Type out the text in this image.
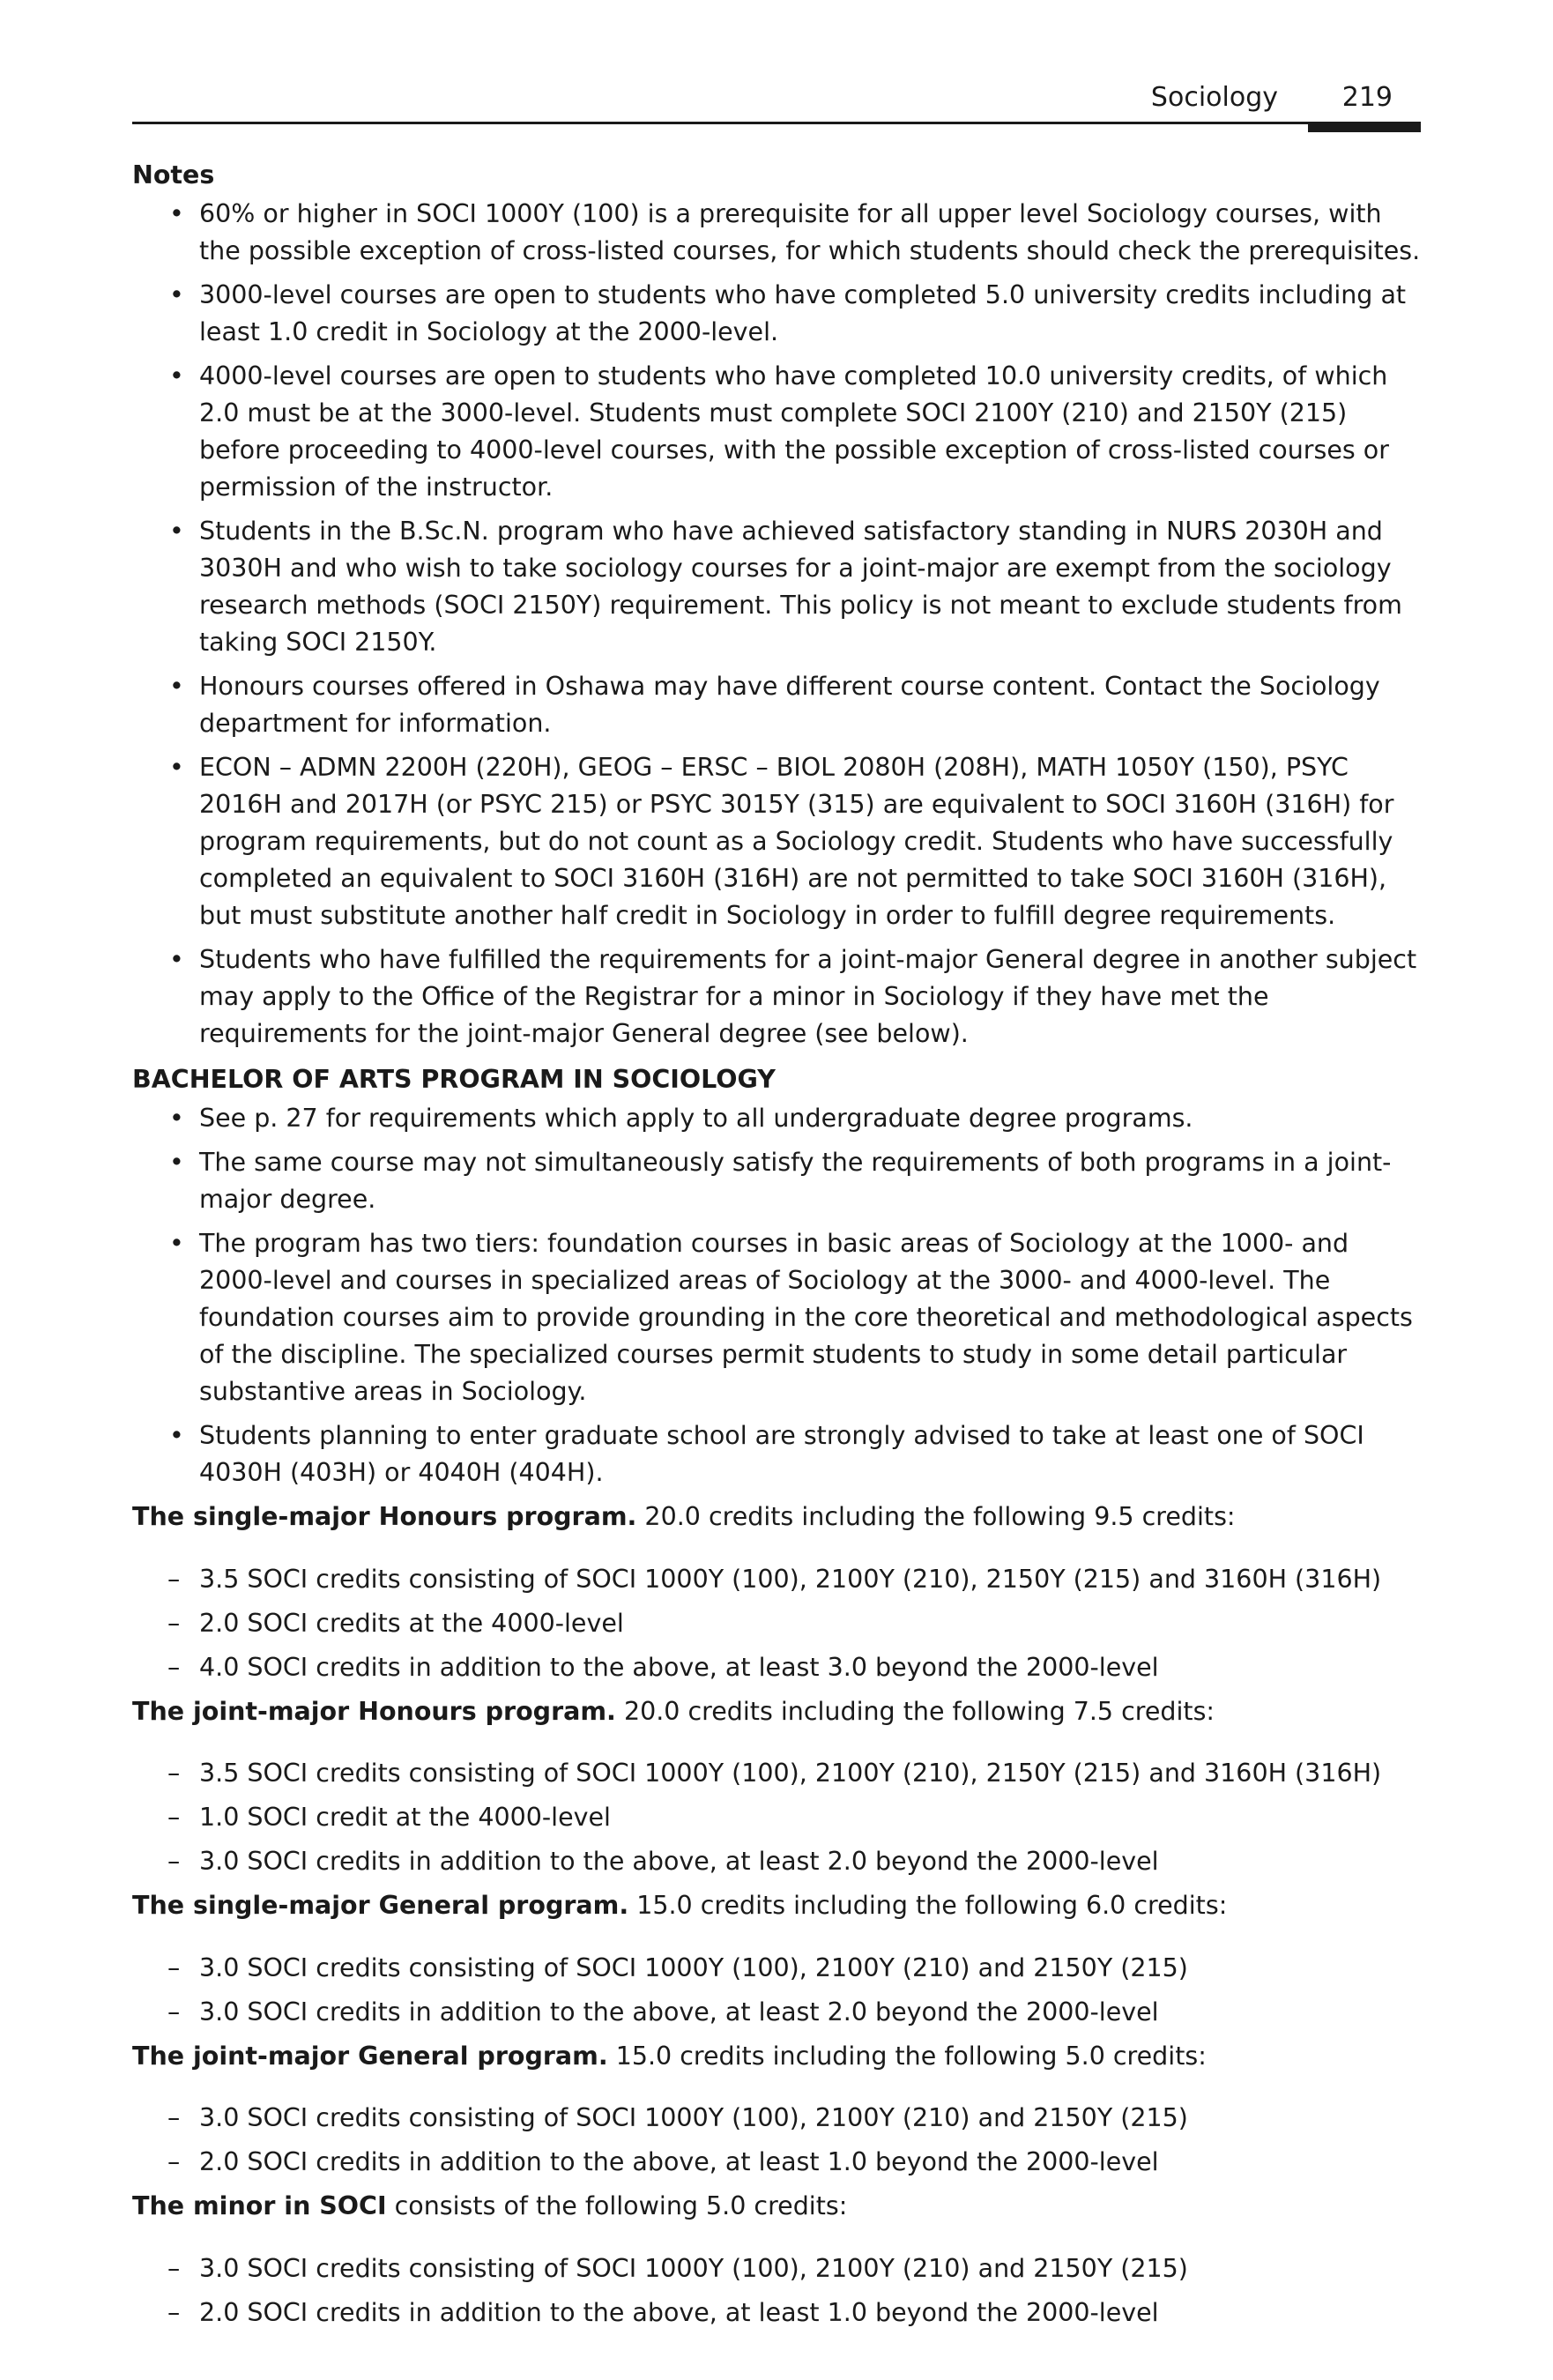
Sociology 219

Notes

• 60% or higher in SOCI 1000Y (100) is a prerequisite for all upper level Sociology courses, with the possible exception of cross-listed courses, for which students should check the prerequisites.
• 3000-level courses are open to students who have completed 5.0 university credits including at least 1.0 credit in Sociology at the 2000-level.
• 4000-level courses are open to students who have completed 10.0 university credits, of which 2.0 must be at the 3000-level. Students must complete SOCI 2100Y (210) and 2150Y (215) before proceeding to 4000-level courses, with the possible exception of cross-listed courses or permission of the instructor.
• Students in the B.Sc.N. program who have achieved satisfactory standing in NURS 2030H and 3030H and who wish to take sociology courses for a joint-major are exempt from the sociology research methods (SOCI 2150Y) requirement. This policy is not meant to exclude students from taking SOCI 2150Y.
• Honours courses offered in Oshawa may have different course content. Contact the Sociology department for information.
• ECON – ADMN 2200H (220H), GEOG – ERSC – BIOL 2080H (208H), MATH 1050Y (150), PSYC 2016H and 2017H (or PSYC 215) or PSYC 3015Y (315) are equivalent to SOCI 3160H (316H) for program requirements, but do not count as a Sociology credit. Students who have successfully completed an equivalent to SOCI 3160H (316H) are not permitted to take SOCI 3160H (316H), but must substitute another half credit in Sociology in order to fulfill degree requirements.
• Students who have fulfilled the requirements for a joint-major General degree in another subject may apply to the Office of the Registrar for a minor in Sociology if they have met the requirements for the joint-major General degree (see below).

BACHELOR OF ARTS PROGRAM IN SOCIOLOGY

• See p. 27 for requirements which apply to all undergraduate degree programs.
• The same course may not simultaneously satisfy the requirements of both programs in a joint-major degree.
• The program has two tiers: foundation courses in basic areas of Sociology at the 1000- and 2000-level and courses in specialized areas of Sociology at the 3000- and 4000-level. The foundation courses aim to provide grounding in the core theoretical and methodological aspects of the discipline. The specialized courses permit students to study in some detail particular substantive areas in Sociology.
• Students planning to enter graduate school are strongly advised to take at least one of SOCI 4030H (403H) or 4040H (404H).

The single-major Honours program. 20.0 credits including the following 9.5 credits:

– 3.5 SOCI credits consisting of SOCI 1000Y (100), 2100Y (210), 2150Y (215) and 3160H (316H)
– 2.0 SOCI credits at the 4000-level
– 4.0 SOCI credits in addition to the above, at least 3.0 beyond the 2000-level

The joint-major Honours program. 20.0 credits including the following 7.5 credits:

– 3.5 SOCI credits consisting of SOCI 1000Y (100), 2100Y (210), 2150Y (215) and 3160H (316H)
– 1.0 SOCI credit at the 4000-level
– 3.0 SOCI credits in addition to the above, at least 2.0 beyond the 2000-level

The single-major General program. 15.0 credits including the following 6.0 credits:

– 3.0 SOCI credits consisting of SOCI 1000Y (100), 2100Y (210) and 2150Y (215)
– 3.0 SOCI credits in addition to the above, at least 2.0 beyond the 2000-level

The joint-major General program. 15.0 credits including the following 5.0 credits:

– 3.0 SOCI credits consisting of SOCI 1000Y (100), 2100Y (210) and 2150Y (215)
– 2.0 SOCI credits in addition to the above, at least 1.0 beyond the 2000-level

The minor in SOCI consists of the following 5.0 credits:

– 3.0 SOCI credits consisting of SOCI 1000Y (100), 2100Y (210) and 2150Y (215)
– 2.0 SOCI credits in addition to the above, at least 1.0 beyond the 2000-level
